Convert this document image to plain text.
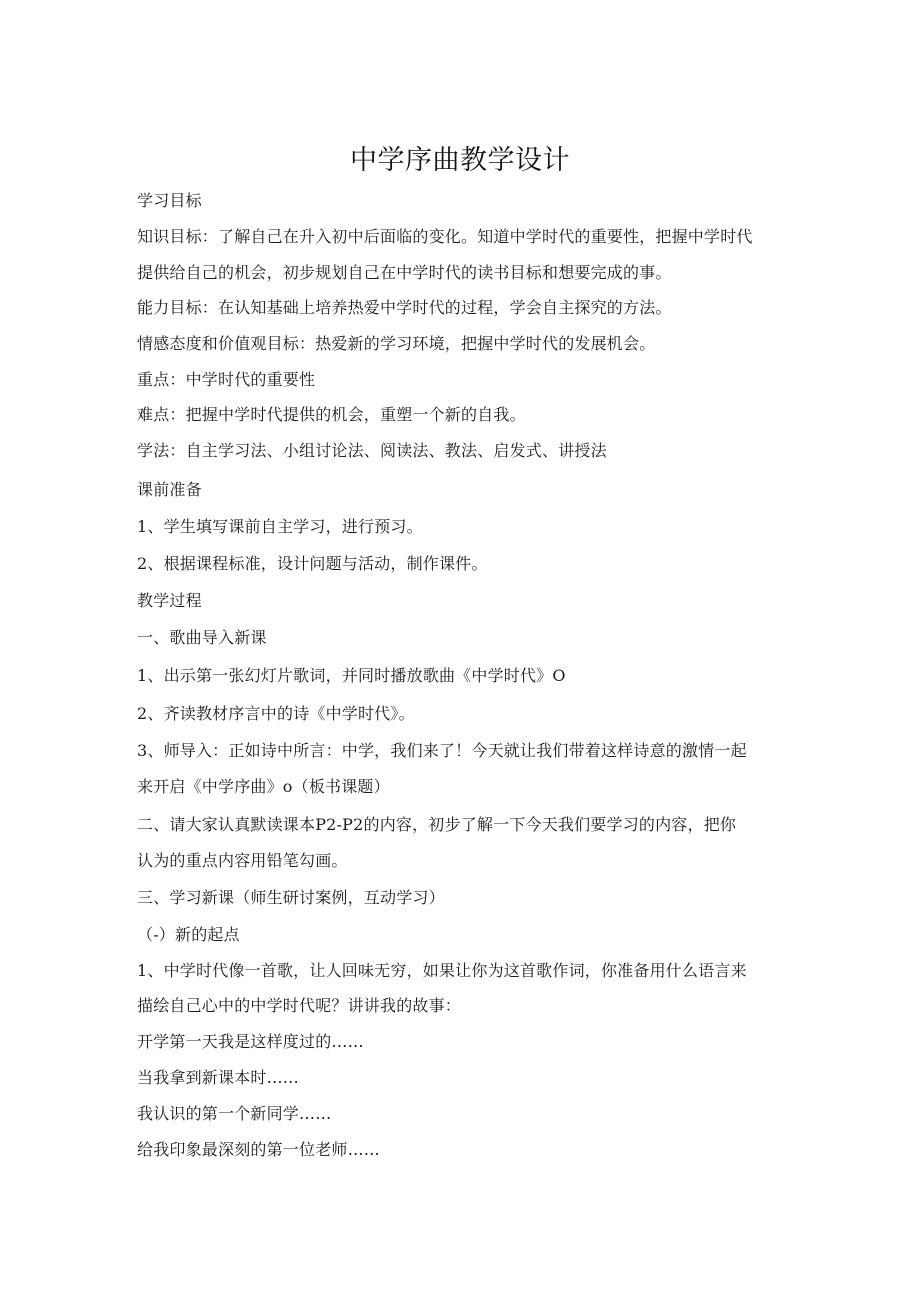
中学序曲教学设计
学习目标
知识目标：了解自己在升入初中后面临的变化。知道中学时代的重要性，把握中学时代
提供给自己的机会，初步规划自己在中学时代的读书目标和想要完成的事。
能力目标：在认知基础上培养热爱中学时代的过程，学会自主探究的方法。
情感态度和价值观目标：热爱新的学习环境，把握中学时代的发展机会。
重点：中学时代的重要性
难点：把握中学时代提供的机会，重塑一个新的自我。
学法：自主学习法、小组讨论法、阅读法、教法、启发式、讲授法
课前准备
1、学生填写课前自主学习，进行预习。
2、根据课程标准，设计问题与活动，制作课件。
教学过程
一、歌曲导入新课
1、出示第一张幻灯片歌词，并同时播放歌曲《中学时代》O
2、齐读教材序言中的诗《中学时代》。
3、师导入：正如诗中所言：中学，我们来了！今天就让我们带着这样诗意的激情一起
来开启《中学序曲》o（板书课题）
二、请大家认真默读课本P2-P2的内容，初步了解一下今天我们要学习的内容，把你
认为的重点内容用铅笔勾画。
三、学习新课（师生研讨案例，互动学习）
（-）新的起点
1、中学时代像一首歌，让人回味无穷，如果让你为这首歌作词，你准备用什么语言来
描绘自己心中的中学时代呢？讲讲我的故事：
开学第一天我是这样度过的……
当我拿到新课本时……
我认识的第一个新同学……
给我印象最深刻的第一位老师……
